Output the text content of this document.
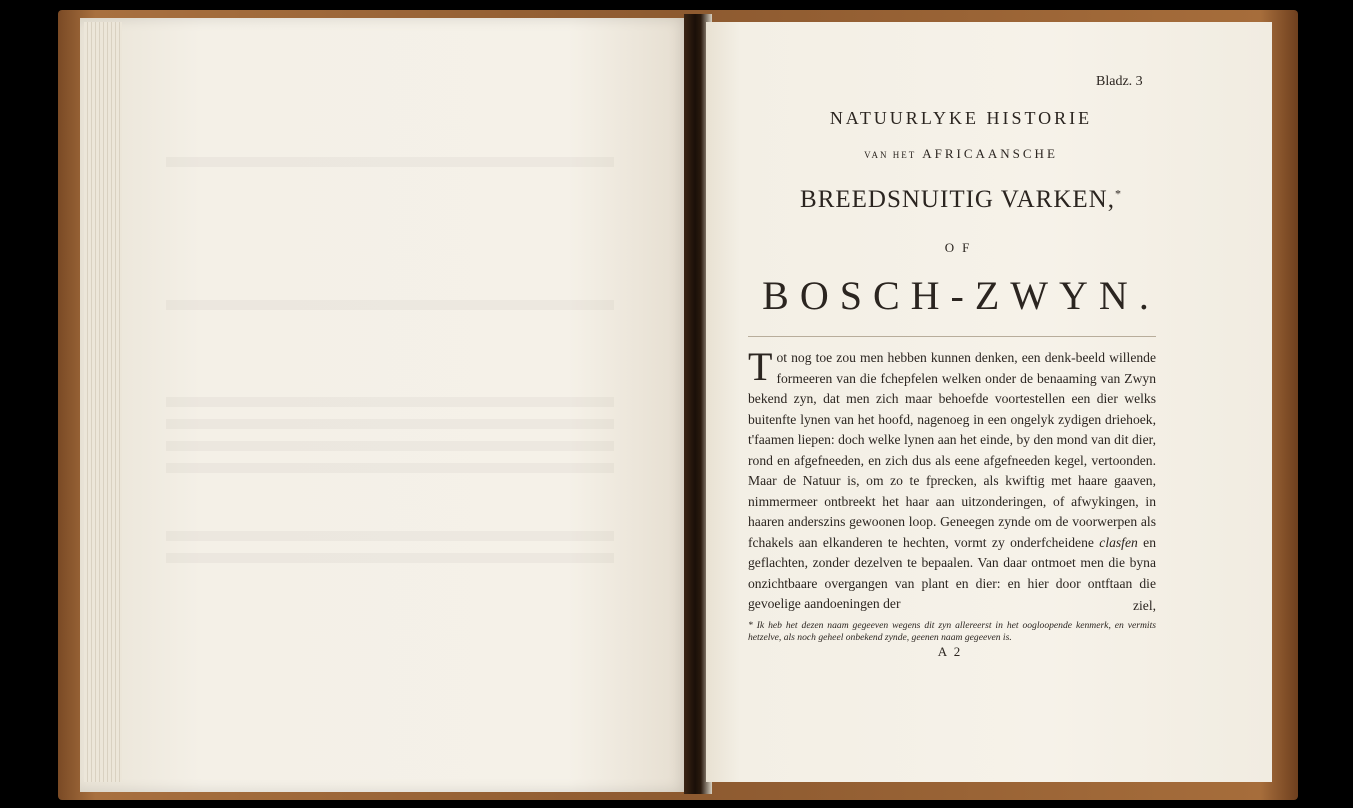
Bladz. 3
NATUURLYKE HISTORIE
VAN HET AFRICAANSCHE
BREEDSNUITIG VARKEN,*
OF
BOSCH-ZWYN.
Tot nog toe zou men hebben kunnen denken, een denk-beeld willende formeeren van die fchepfelen welken onder de benaaming van Zwyn bekend zyn, dat men zich maar behoefde voortestellen een dier welks buitenfte lynen van het hoofd, nagenoeg in een ongelyk zydigen driehoek, t'faamen liepen: doch welke lynen aan het einde, by den mond van dit dier, rond en afgefneeden, en zich dus als eene afgefneeden kegel, vertoonden. Maar de Natuur is, om zo te fprecken, als kwiftig met haare gaaven, nimmermeer ontbreekt het haar aan uitzonderingen, of afwykingen, in haaren anderszins gewoonen loop. Geneegen zynde om de voorwerpen als fchakels aan elkanderen te hechten, vormt zy onderfcheidene clasfen en geflachten, zonder dezelven te bepaalen. Van daar ontmoet men die byna onzichtbaare overgangen van plant en dier: en hier door ontftaan die gevoelige aandoeningen der	ziel,
* Ik heb het dezen naam gegeeven wegens dit zyn allereerst in het oogloopende kenmerk, en vermits hetzelve, als noch geheel onbekend zynde, geenen naam gegeeven is.
A 2
